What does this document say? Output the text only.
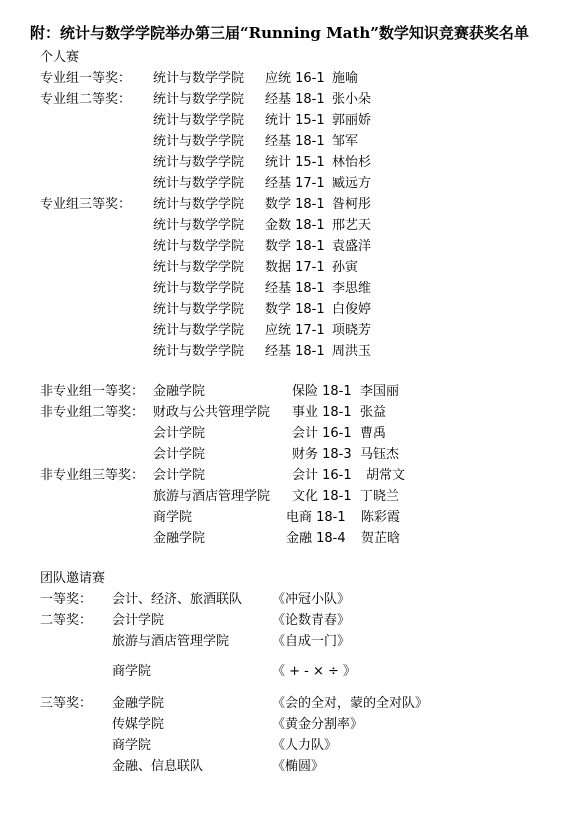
附：统计与数学学院举办第三届“Running Math”数学知识竞赛获奖名单
个人赛
专业组一等奖： 统计与数学学院 应统 16-1 施喻
专业组二等奖： 统计与数学学院 经基 18-1 张小朵
统计与数学学院 统计 15-1 郭丽娇
统计与数学学院 经基 18-1 邹军
统计与数学学院 统计 15-1 林怡杉
统计与数学学院 经基 17-1 臧远方
专业组三等奖： 统计与数学学院 数学 18-1 昝柯彤
统计与数学学院 金数 18-1 邢艺天
统计与数学学院 数学 18-1 袁盛洋
统计与数学学院 数据 17-1 孙寅
统计与数学学院 经基 18-1 李思维
统计与数学学院 数学 18-1 白俊婷
统计与数学学院 应统 17-1 项晓芳
统计与数学学院 经基 18-1 周洪玉
非专业组一等奖： 金融学院	保险 18-1 李国丽
非专业组二等奖： 财政与公共管理学院 事业 18-1 张益
会计学院	会计 16-1 曹禹
会计学院	财务 18-3 马钰杰
非专业组三等奖： 会计学院	会计 16-1 胡常文
旅游与酒店管理学院 文化 18-1 丁晓兰
商学院	电商 18-1 陈彩霞
金融学院	金融 18-4 贺芷晗
团队邀请赛
一等奖： 会计、经济、旅酒联队 《冲冠小队》
二等奖： 会计学院	《论数青春》
旅游与酒店管理学院	《自成一门》
商学院	《 + - × ÷ 》
三等奖： 金融学院	《会的全对，蒙的全对队》
传媒学院	《黄金分割率》
商学院	《人力队》
金融、信息联队	《椭圆》
